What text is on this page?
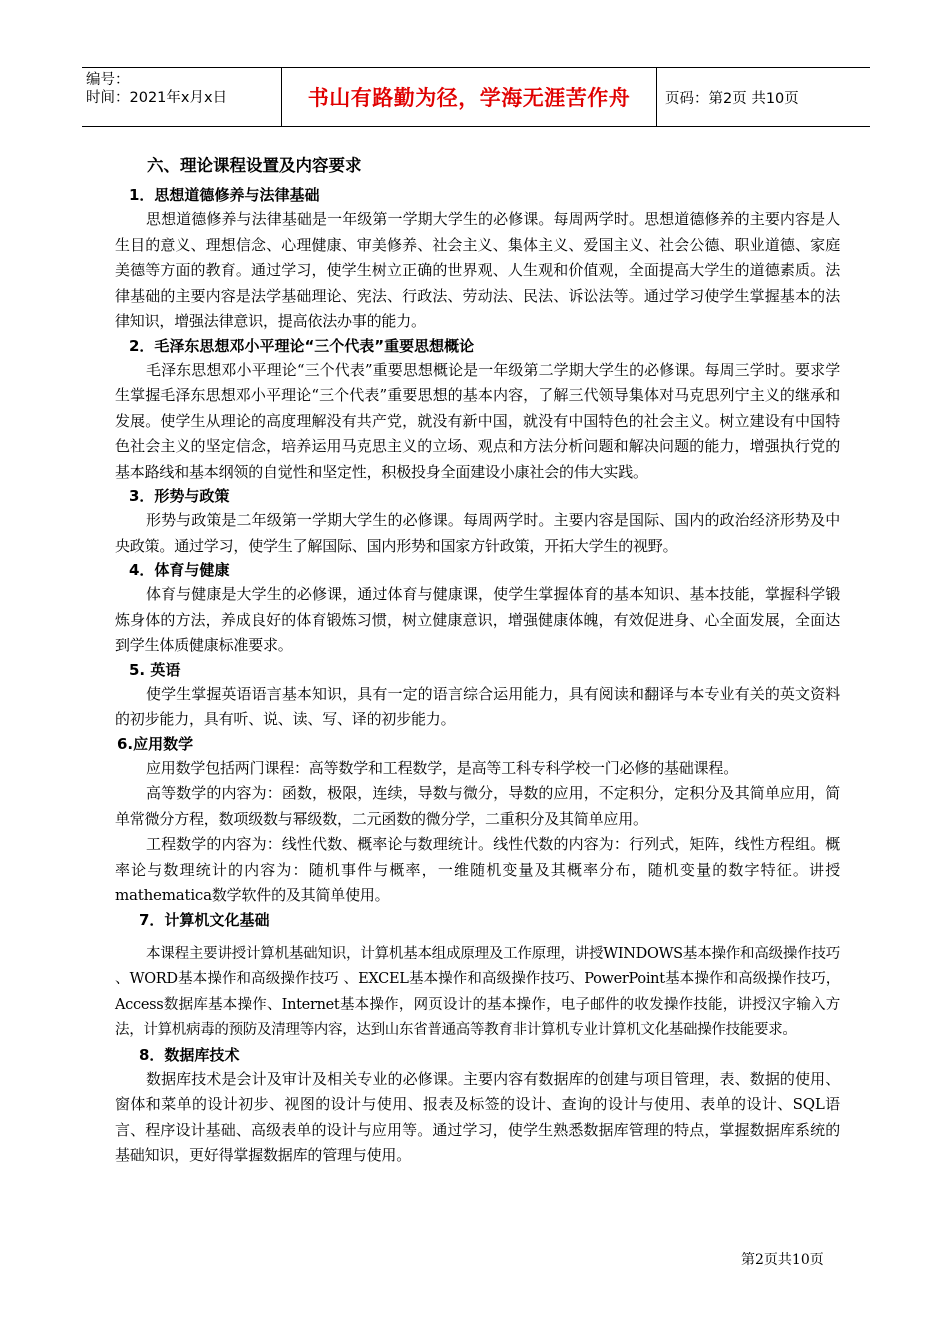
编号：
时间：2021年x月x日	书山有路勤为径，学海无涯苦作舟	页码：第2页 共10页
六、理论课程设置及内容要求
1．思想道德修养与法律基础

思想道德修养与法律基础是一年级第一学期大学生的必修课。每周两学时。思想道德修养的主要内容是人生目的意义、理想信念、心理健康、审美修养、社会主义、集体主义、爱国主义、社会公德、职业道德、家庭美德等方面的教育。通过学习，使学生树立正确的世界观、人生观和价值观，全面提高大学生的道德素质。法律基础的主要内容是法学基础理论、宪法、行政法、劳动法、民法、诉讼法等。通过学习使学生掌握基本的法律知识，增强法律意识，提高依法办事的能力。

2．毛泽东思想邓小平理论“三个代表”重要思想概论

毛泽东思想邓小平理论“三个代表”重要思想概论是一年级第二学期大学生的必修课。每周三学时。要求学生掌握毛泽东思想邓小平理论“三个代表”重要思想的基本内容，了解三代领导集体对马克思列宁主义的继承和发展。使学生从理论的高度理解没有共产党，就没有新中国，就没有中国特色的社会主义。树立建设有中国特色社会主义的坚定信念，培养运用马克思主义的立场、观点和方法分析问题和解决问题的能力，增强执行党的基本路线和基本纲领的自觉性和坚定性，积极投身全面建设小康社会的伟大实践。

3．形势与政策

形势与政策是二年级第一学期大学生的必修课。每周两学时。主要内容是国际、国内的政治经济形势及中央政策。通过学习，使学生了解国际、国内形势和国家方针政策，开拓大学生的视野。

4．体育与健康

体育与健康是大学生的必修课，通过体育与健康课，使学生掌握体育的基本知识、基本技能，掌握科学锻炼身体的方法，养成良好的体育锻炼习惯，树立健康意识，增强健康体魄，有效促进身、心全面发展，全面达到学生体质健康标准要求。

5. 英语

使学生掌握英语语言基本知识，具有一定的语言综合运用能力，具有阅读和翻译与本专业有关的英文资料的初步能力，具有听、说、读、写、译的初步能力。

6.应用数学

应用数学包括两门课程：高等数学和工程数学，是高等工科专科学校一门必修的基础课程。

高等数学的内容为：函数，极限，连续，导数与微分，导数的应用，不定积分，定积分及其简单应用，简单常微分方程，数项级数与幂级数，二元函数的微分学，二重积分及其简单应用。

工程数学的内容为：线性代数、概率论与数理统计。线性代数的内容为：行列式，矩阵，线性方程组。概率论与数理统计的内容为：随机事件与概率，一维随机变量及其概率分布，随机变量的数字特征。讲授mathematica数学软件的及其简单使用。

7．计算机文化基础

本课程主要讲授计算机基础知识，计算机基本组成原理及工作原理，讲授WINDOWS基本操作和高级操作技巧 、WORD基本操作和高级操作技巧 、EXCEL基本操作和高级操作技巧、PowerPoint基本操作和高级操作技巧，Access数据库基本操作、Internet基本操作，网页设计的基本操作，电子邮件的收发操作技能，讲授汉字输入方法，计算机病毒的预防及清理等内容，达到山东省普通高等教育非计算机专业计算机文化基础操作技能要求。

8．数据库技术

数据库技术是会计及审计及相关专业的必修课。主要内容有数据库的创建与项目管理，表、数据的使用、窗体和菜单的设计初步、视图的设计与使用、报表及标签的设计、查询的设计与使用、表单的设计、SQL语言、程序设计基础、高级表单的设计与应用等。通过学习，使学生熟悉数据库管理的特点，掌握数据库系统的基础知识，更好得掌握数据库的管理与使用。

第2页共10页
